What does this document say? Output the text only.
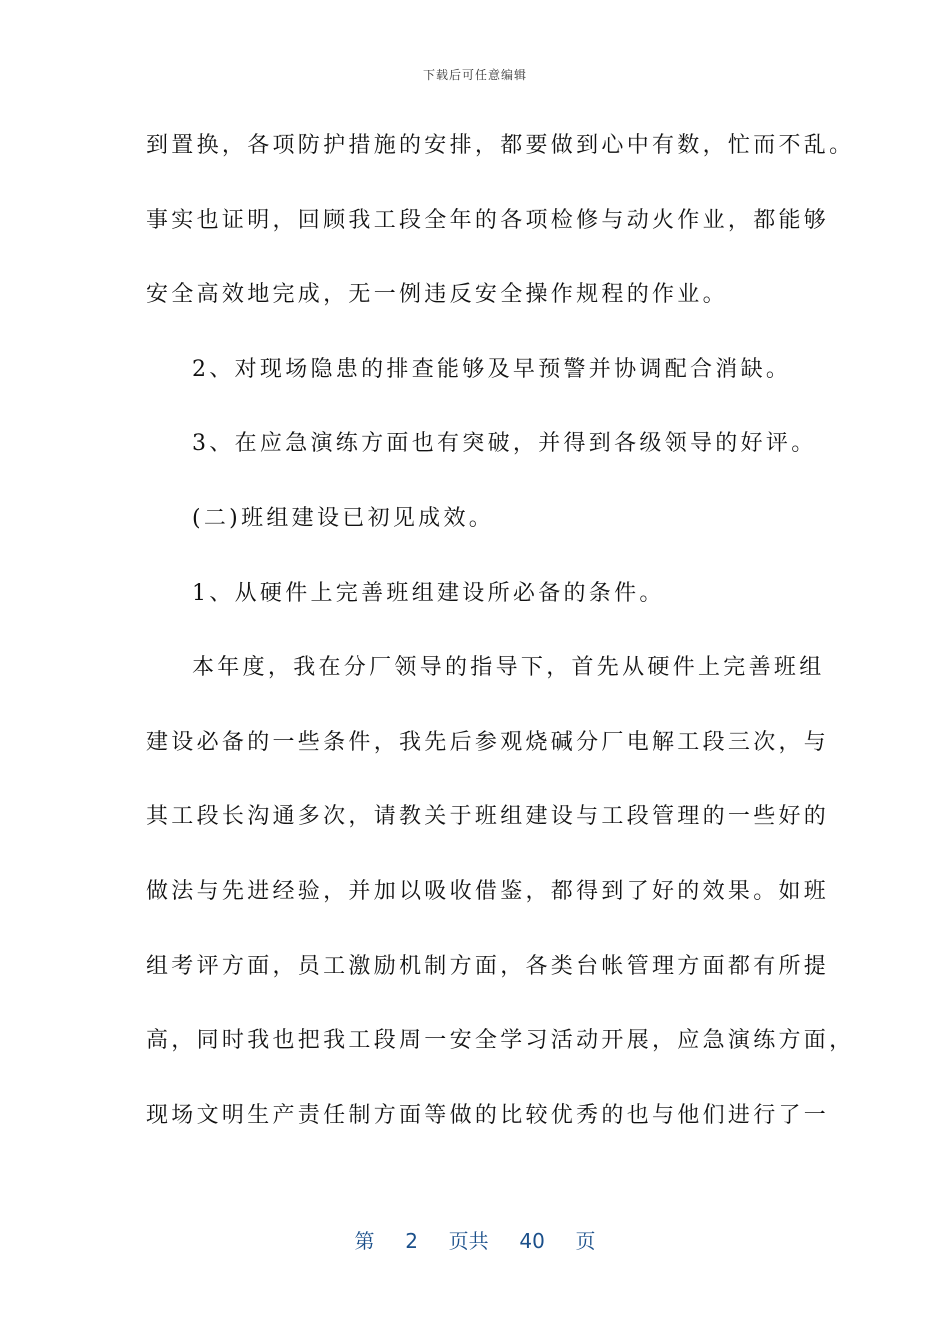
下载后可任意编辑
到置换，各项防护措施的安排，都要做到心中有数，忙而不乱。
事实也证明，回顾我工段全年的各项检修与动火作业，都能够
安全高效地完成，无一例违反安全操作规程的作业。
2、对现场隐患的排查能够及早预警并协调配合消缺。
3、在应急演练方面也有突破，并得到各级领导的好评。
(二)班组建设已初见成效。
1、从硬件上完善班组建设所必备的条件。
本年度，我在分厂领导的指导下，首先从硬件上完善班组
建设必备的一些条件，我先后参观烧碱分厂电解工段三次，与
其工段长沟通多次，请教关于班组建设与工段管理的一些好的
做法与先进经验，并加以吸收借鉴，都得到了好的效果。如班
组考评方面，员工激励机制方面，各类台帐管理方面都有所提
高，同时我也把我工段周一安全学习活动开展，应急演练方面，
现场文明生产责任制方面等做的比较优秀的也与他们进行了一
第 2 页共 40 页
